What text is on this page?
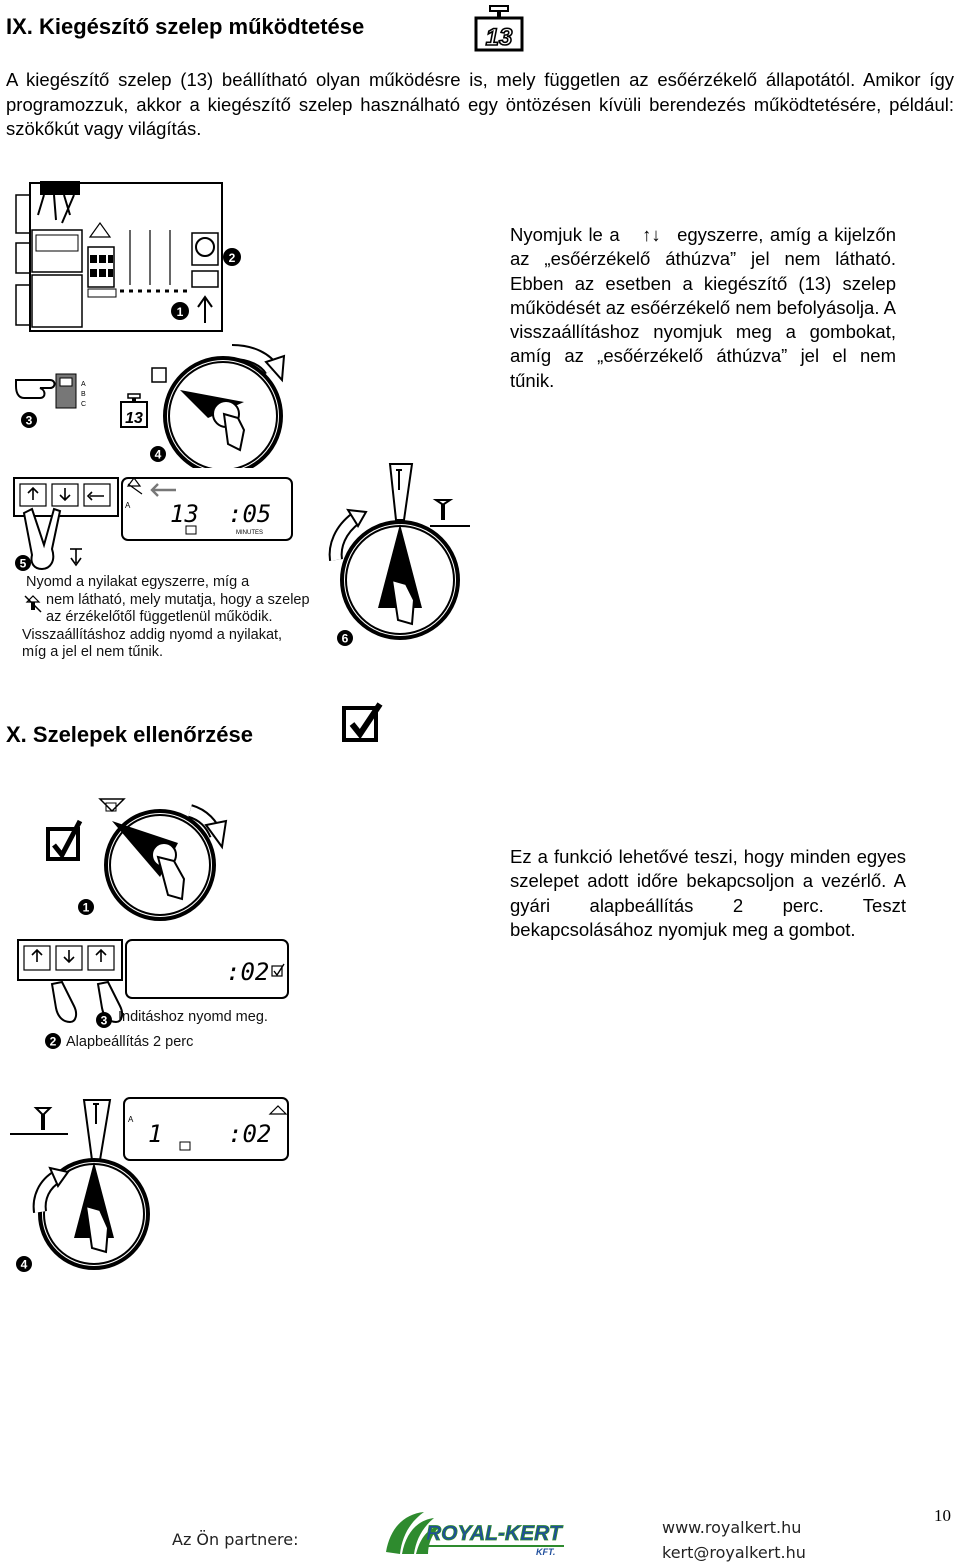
IX. Kiegészítő szelep működtetése	13
A kiegészítő szelep (13) beállítható olyan működésre is, mely független az esőérzékelő állapotától. Amikor így programozzuk, akkor a kiegészítő szelep használható egy öntözésen kívüli berendezés működtetésére, például: szökőkút vagy világítás.
2
1
A
B
C
3	13
4
Nyomjuk le a ↑↓ egyszerre, amíg a kijelzőn az „esőérzékelő áthúzva” jel nem látható. Ebben az esetben a kiegészítő (13) szelep működését az esőérzékelő nem befolyásolja. A visszaállításhoz nyomjuk meg a gombokat, amíg az „esőérzékelő áthúzva” jel el nem tűnik.
A 13 :05
MINUTES
5
Nyomd a nyilakat egyszerre, míg a
nem látható, mely mutatja, hogy a szelep
az érzékelőtől függetlenül működik.
Visszaállításhoz addig nyomd a nyilakat,
míg a jel el nem tűnik.
6
X. Szelepek ellenőrzése
1
Ez a funkció lehetővé teszi, hogy minden egyes szelepet adott időre bekapcsoljon a vezérlő. A gyári alapbeállítás 2 perc. Teszt bekapcsolásához nyomjuk meg a gombot.
:02
3 Inditáshoz nyomd meg.
2 Alapbeállítás 2 perc
A
1	:02
4
Az Ön partnere:	ROYAL-KERT
KFT.
www.royalkert.hu
kert@royalkert.hu
10
